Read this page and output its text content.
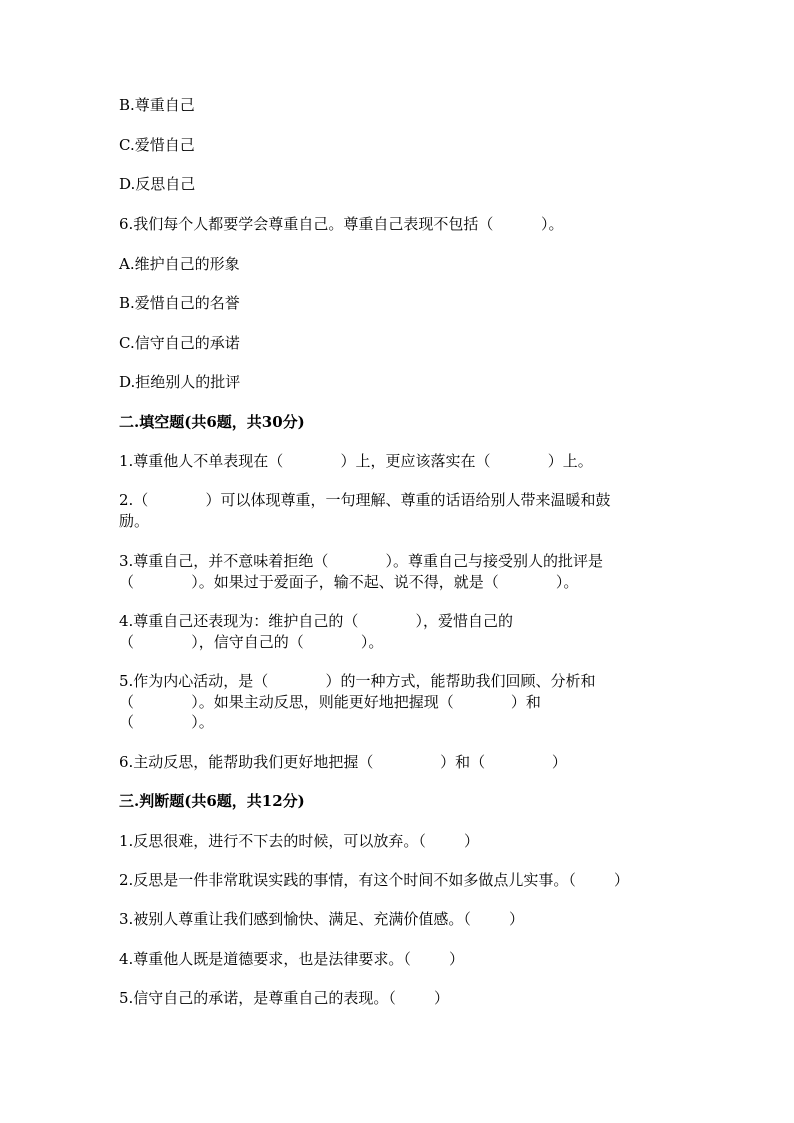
B.尊重自己
C.爱惜自己
D.反思自己
6.我们每个人都要学会尊重自己。尊重自己表现不包括（          ）。
A.维护自己的形象
B.爱惜自己的名誉
C.信守自己的承诺
D.拒绝别人的批评
二.填空题(共6题，共30分)
1.尊重他人不单表现在（            ）上，更应该落实在（            ）上。
2.（            ）可以体现尊重，一句理解、尊重的话语给别人带来温暖和鼓
励。
3.尊重自己，并不意味着拒绝（            ）。尊重自己与接受别人的批评是
（            ）。如果过于爱面子，输不起、说不得，就是（            ）。
4.尊重自己还表现为：维护自己的（            ），爱惜自己的
（            ），信守自己的（            ）。
5.作为内心活动，是（            ）的一种方式，能帮助我们回顾、分析和
（            ）。如果主动反思，则能更好地把握现（            ）和
（            ）。
6.主动反思，能帮助我们更好地把握（              ）和（              ）
三.判断题(共6题，共12分)
1.反思很难，进行不下去的时候，可以放弃。（        ）
2.反思是一件非常耽误实践的事情，有这个时间不如多做点儿实事。（        ）
3.被别人尊重让我们感到愉快、满足、充满价值感。（        ）
4.尊重他人既是道德要求，也是法律要求。（        ）
5.信守自己的承诺，是尊重自己的表现。（        ）
